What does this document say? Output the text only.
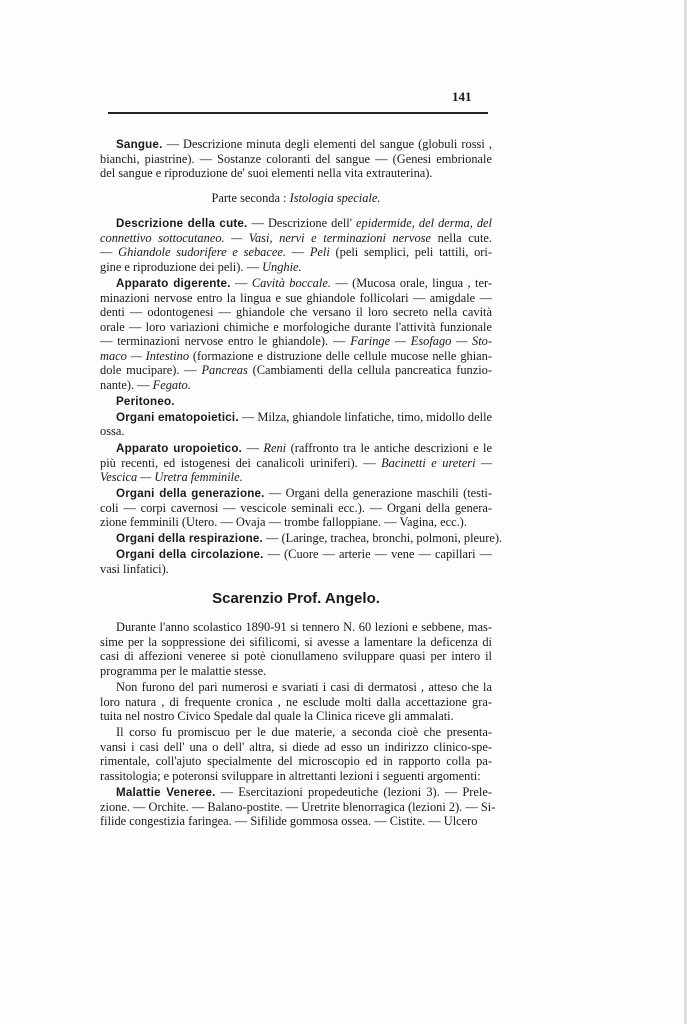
141
Scarenzio Prof. Angelo.
Sangue. — Descrizione minuta degli elementi del sangue (globuli rossi ,
bianchi, piastrine). — Sostanze coloranti del sangue — (Genesi embrionale
del sangue e riproduzione de' suoi elementi nella vita extrauterina).
Parte seconda : Istologia speciale.
Descrizione della cute. — Descrizione dell' epidermide, del derma, del
connettivo sottocutaneo. — Vasi, nervi e terminazioni nervose nella cute.
— Ghiandole sudorifere e sebacee. — Peli (peli semplici, peli tattili, ori-
gine e riproduzione dei peli). — Unghie.
Apparato digerente. — Cavità boccale. — (Mucosa orale, lingua , ter-
minazioni nervose entro la lingua e sue ghiandole follicolari — amigdale —
denti — odontogenesi — ghiandole che versano il loro secreto nella cavità
orale — loro variazioni chimiche e morfologiche durante l'attività funzionale
— terminazioni nervose entro le ghiandole). — Faringe — Esofago — Sto-
maco — Intestino (formazione e distruzione delle cellule mucose nelle ghian-
dole mucipare). — Pancreas (Cambiamenti della cellula pancreatica funzio-
nante). — Fegato.
Peritoneo.
Organi ematopoietici. — Milza, ghiandole linfatiche, timo, midollo delle
ossa.
Apparato uropoietico. — Reni (raffronto tra le antiche descrizioni e le
più recenti, ed istogenesi dei canalicoli uriniferi). — Bacinetti e ureteri —
Vescica — Uretra femminile.
Organi della generazione. — Organi della generazione maschili (testi-
coli — corpi cavernosi — vescicole seminali ecc.). — Organi della genera-
zione femminili (Utero. — Ovaja — trombe falloppiane. — Vagina, ecc.).
Organi della respirazione. — (Laringe, trachea, bronchi, polmoni, pleure).
Organi della circolazione. — (Cuore — arterie — vene — capillari —
vasi linfatici).
Durante l'anno scolastico 1890-91 si tennero N. 60 lezioni e sebbene, mas-
sime per la soppressione dei sifilicomi, si avesse a lamentare la deficenza di
casi di affezioni veneree si potè cionullameno sviluppare quasi per intero il
programma per le malattie stesse.
Non furono del pari numerosi e svariati i casi di dermatosi , atteso che la
loro natura , di frequente cronica , ne esclude molti dalla accettazione gra-
tuita nel nostro Civico Spedale dal quale la Clinica riceve gli ammalati.
Il corso fu promiscuo per le due materie, a seconda cioè che presenta-
vansi i casi dell' una o dell' altra, si diede ad esso un indirizzo clinico-spe-
rimentale, coll'ajuto specialmente del microscopio ed in rapporto colla pa-
rassitologia; e poteronsi sviluppare in altrettanti lezioni i seguenti argomenti:
Malattie Veneree. — Esercitazioni propedeutiche (lezioni 3). — Prele-
zione. — Orchite. — Balano-postite. — Uretrite blenorragica (lezioni 2). — Si-
filide congestizia faringea. — Sifilide gommosa ossea. — Cistite. — Ulcero
